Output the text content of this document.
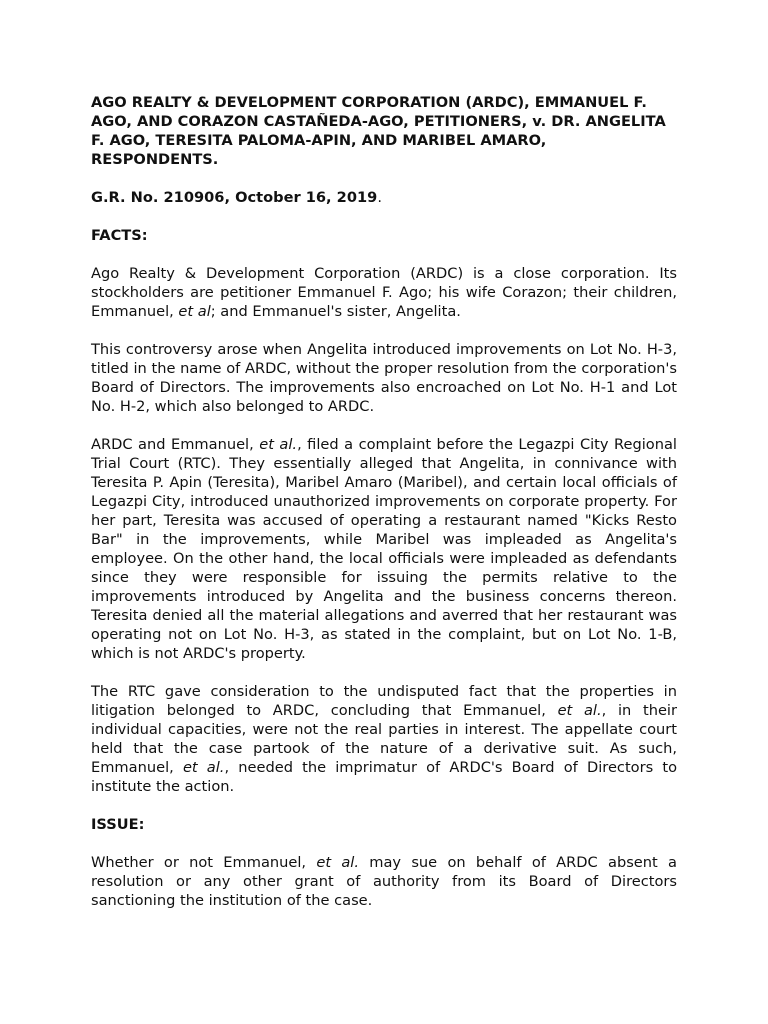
AGO REALTY & DEVELOPMENT CORPORATION (ARDC), EMMANUEL F. AGO, AND CORAZON CASTAÑEDA-AGO, PETITIONERS, v. DR. ANGELITA F. AGO, TERESITA PALOMA-APIN, AND MARIBEL AMARO, RESPONDENTS.
G.R. No. 210906, October 16, 2019.
FACTS:

Ago Realty & Development Corporation (ARDC) is a close corporation. Its stockholders are petitioner Emmanuel F. Ago; his wife Corazon; their children, Emmanuel, et al; and Emmanuel's sister, Angelita.

This controversy arose when Angelita introduced improvements on Lot No. H-3, titled in the name of ARDC, without the proper resolution from the corporation's Board of Directors. The improvements also encroached on Lot No. H-1 and Lot No. H-2, which also belonged to ARDC.

ARDC and Emmanuel, et al., filed a complaint before the Legazpi City Regional Trial Court (RTC). They essentially alleged that Angelita, in connivance with Teresita P. Apin (Teresita), Maribel Amaro (Maribel), and certain local officials of Legazpi City, introduced unauthorized improvements on corporate property. For her part, Teresita was accused of operating a restaurant named "Kicks Resto Bar" in the improvements, while Maribel was impleaded as Angelita's employee. On the other hand, the local officials were impleaded as defendants since they were responsible for issuing the permits relative to the improvements introduced by Angelita and the business concerns thereon. Teresita denied all the material allegations and averred that her restaurant was operating not on Lot No. H-3, as stated in the complaint, but on Lot No. 1-B, which is not ARDC's property.

The RTC gave consideration to the undisputed fact that the properties in litigation belonged to ARDC, concluding that Emmanuel, et al., in their individual capacities, were not the real parties in interest. The appellate court held that the case partook of the nature of a derivative suit. As such, Emmanuel, et al., needed the imprimatur of ARDC's Board of Directors to institute the action.

ISSUE:

Whether or not Emmanuel, et al. may sue on behalf of ARDC absent a resolution or any other grant of authority from its Board of Directors sanctioning the institution of the case.
